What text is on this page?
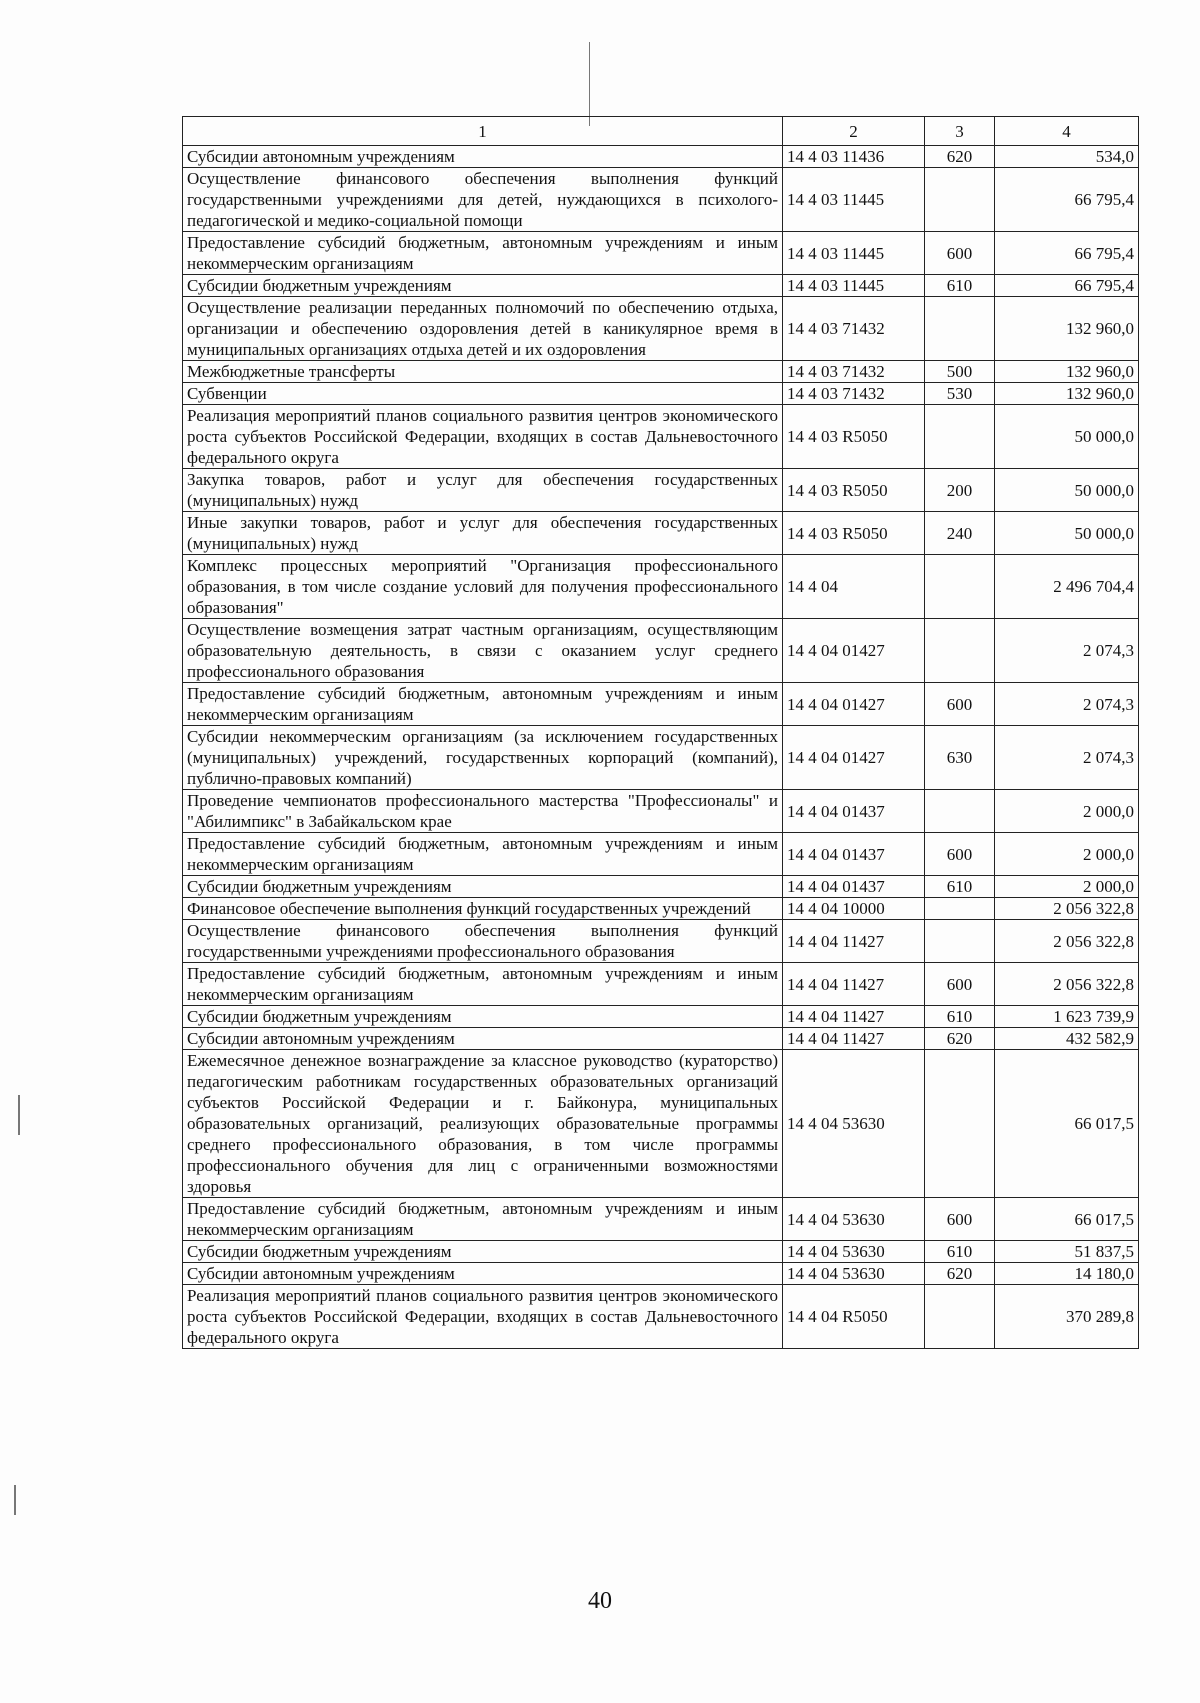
1	2	3	4
Субсидии автономным учреждениям	14 4 03 11436	620	534,0
Осуществление финансового обеспечения выполнения функций государственными учреждениями для детей, нуждающихся в психолого-педагогической и медико-социальной помощи	14 4 03 11445		66 795,4
Предоставление субсидий бюджетным, автономным учреждениям и иным некоммерческим организациям	14 4 03 11445	600	66 795,4
Субсидии бюджетным учреждениям	14 4 03 11445	610	66 795,4
Осуществление реализации переданных полномочий по обеспечению отдыха, организации и обеспечению оздоровления детей в каникулярное время в муниципальных организациях отдыха детей и их оздоровления	14 4 03 71432		132 960,0
Межбюджетные трансферты	14 4 03 71432	500	132 960,0
Субвенции	14 4 03 71432	530	132 960,0
Реализация мероприятий планов социального развития центров экономического роста субъектов Российской Федерации, входящих в состав Дальневосточного федерального округа	14 4 03 R5050		50 000,0
Закупка товаров, работ и услуг для обеспечения государственных (муниципальных) нужд	14 4 03 R5050	200	50 000,0
Иные закупки товаров, работ и услуг для обеспечения государственных (муниципальных) нужд	14 4 03 R5050	240	50 000,0
Комплекс процессных мероприятий "Организация профессионального образования, в том числе создание условий для получения профессионального образования"	14 4 04		2 496 704,4
Осуществление возмещения затрат частным организациям, осуществляющим образовательную деятельность, в связи с оказанием услуг среднего профессионального образования	14 4 04 01427		2 074,3
Предоставление субсидий бюджетным, автономным учреждениям и иным некоммерческим организациям	14 4 04 01427	600	2 074,3
Субсидии некоммерческим организациям (за исключением государственных (муниципальных) учреждений, государственных корпораций (компаний), публично-правовых компаний)	14 4 04 01427	630	2 074,3
Проведение чемпионатов профессионального мастерства "Профессионалы" и "Абилимпикс" в Забайкальском крае	14 4 04 01437		2 000,0
Предоставление субсидий бюджетным, автономным учреждениям и иным некоммерческим организациям	14 4 04 01437	600	2 000,0
Субсидии бюджетным учреждениям	14 4 04 01437	610	2 000,0
Финансовое обеспечение выполнения функций государственных учреждений	14 4 04 10000		2 056 322,8
Осуществление финансового обеспечения выполнения функций государственными учреждениями профессионального образования	14 4 04 11427		2 056 322,8
Предоставление субсидий бюджетным, автономным учреждениям и иным некоммерческим организациям	14 4 04 11427	600	2 056 322,8
Субсидии бюджетным учреждениям	14 4 04 11427	610	1 623 739,9
Субсидии автономным учреждениям	14 4 04 11427	620	432 582,9
Ежемесячное денежное вознаграждение за классное руководство (кураторство) педагогическим работникам государственных образовательных организаций субъектов Российской Федерации и г. Байконура, муниципальных образовательных организаций, реализующих образовательные программы среднего профессионального образования, в том числе программы профессионального обучения для лиц с ограниченными возможностями здоровья	14 4 04 53630		66 017,5
Предоставление субсидий бюджетным, автономным учреждениям и иным некоммерческим организациям	14 4 04 53630	600	66 017,5
Субсидии бюджетным учреждениям	14 4 04 53630	610	51 837,5
Субсидии автономным учреждениям	14 4 04 53630	620	14 180,0
Реализация мероприятий планов социального развития центров экономического роста субъектов Российской Федерации, входящих в состав Дальневосточного федерального округа	14 4 04 R5050		370 289,8
40
